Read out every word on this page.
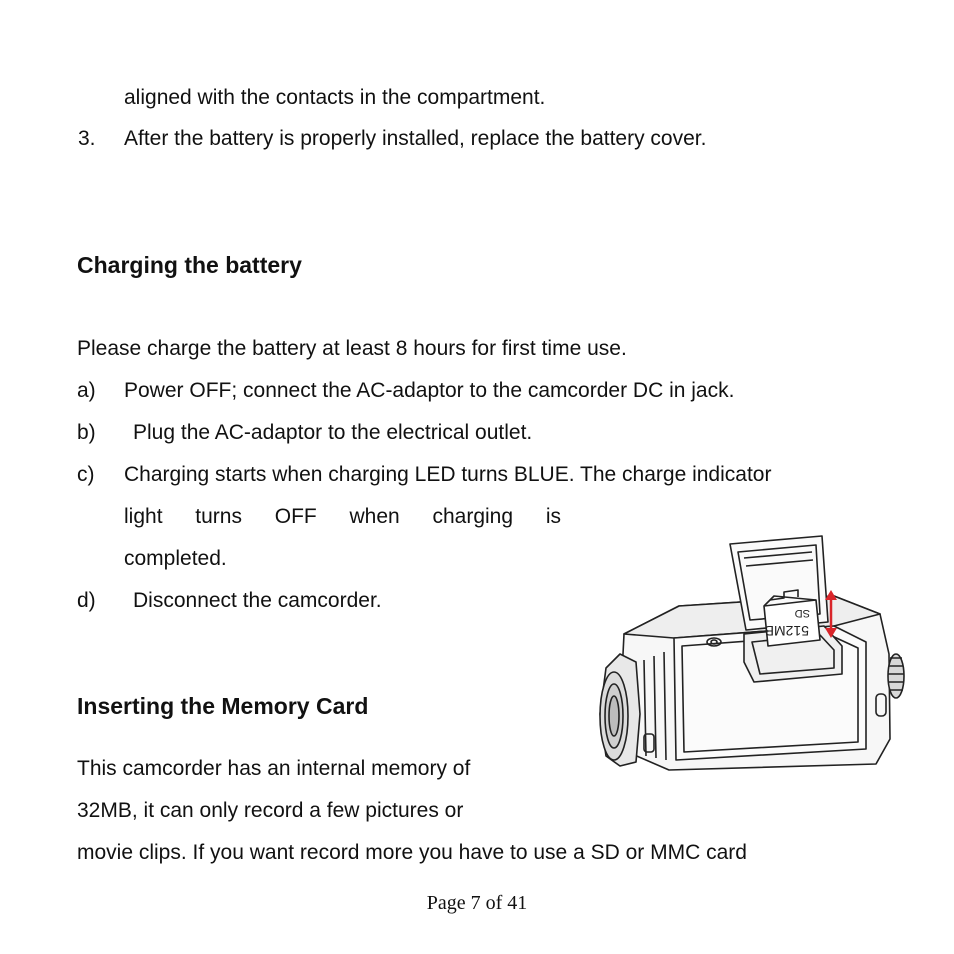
aligned with the contacts in the compartment.
3. After the battery is properly installed, replace the battery cover.
Charging the battery
Please charge the battery at least 8 hours for first time use.
a) Power OFF; connect the AC-adaptor to the camcorder DC in jack.
b) Plug the AC-adaptor to the electrical outlet.
c) Charging starts when charging LED turns BLUE. The charge indicator
light turns OFF when charging is
completed.
d) Disconnect the camcorder.
Inserting the Memory Card
This camcorder has an internal memory of
32MB, it can only record a few pictures or
movie clips. If you want record more you have to use a SD or MMC card
SD
512MB
Page 7 of 41
